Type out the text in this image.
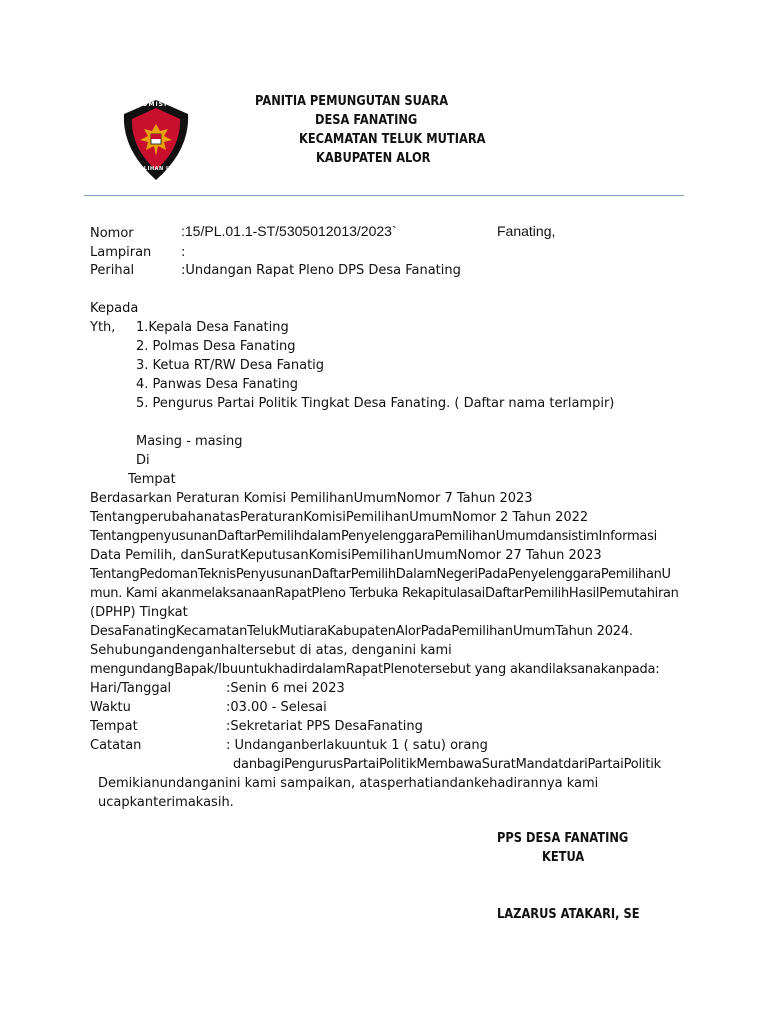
KOMISI
PEMILIHAN UMUM
PANITIA PEMUNGUTAN SUARA
DESA FANATING
KECAMATAN TELUK MUTIARA
KABUPATEN ALOR
Nomor	:15/PL.01.1-ST/5305012013/2023`	Fanating,
Lampiran :
Perihal	:Undangan Rapat Pleno DPS Desa Fanating
Kepada
Yth, 1.Kepala Desa Fanating
2. Polmas Desa Fanating
3. Ketua RT/RW Desa Fanatig
4. Panwas Desa Fanating
5. Pengurus Partai Politik Tingkat Desa Fanating. ( Daftar nama terlampir)
Masing - masing
Di
Tempat
Berdasarkan Peraturan Komisi PemilihanUmumNomor 7 Tahun 2023
TentangperubahanatasPeraturanKomisiPemilihanUmumNomor 2 Tahun 2022
TentangpenyusunanDaftarPemilihdalamPenyelenggaraPemilihanUmumdansistimInformasi
Data Pemilih, danSuratKeputusanKomisiPemilihanUmumNomor 27 Tahun 2023
TentangPedomanTeknisPenyusunanDaftarPemilihDalamNegeriPadaPenyelenggaraPemilihanU
mun. Kami akanmelaksanaanRapatPleno Terbuka RekapitulasaiDaftarPemilihHasilPemutahiran
(DPHP) Tingkat
DesaFanatingKecamatanTelukMutiaraKabupatenAlorPadaPemilihanUmumTahun 2024.
Sehubungandenganhaltersebut di atas, denganini kami
mengundangBapak/IbuuntukhadirdalamRapatPlenotersebut yang akandilaksanakanpada:
Hari/Tanggal	:Senin 6 mei 2023
Waktu	:03.00 - Selesai
Tempat	:Sekretariat PPS DesaFanating
Catatan	: Undanganberlakuuntuk 1 ( satu) orang
danbagiPengurusPartaiPolitikMembawaSuratMandatdariPartaiPolitik
Demikianundanganini kami sampaikan, atasperhatiandankehadirannya kami
ucapkanterimakasih.
PPS DESA FANATING
KETUA
LAZARUS ATAKARI, SE
